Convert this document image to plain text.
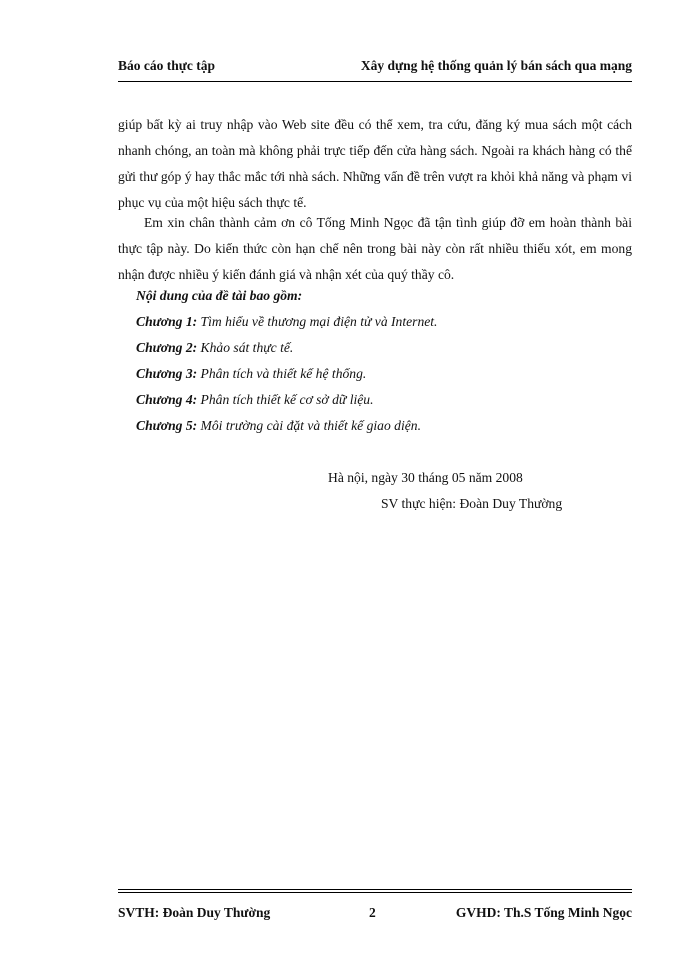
Báo cáo thực tập	Xây dựng hệ thống quản lý bán sách qua mạng

giúp bất kỳ ai truy nhập vào Web site đều có thể xem, tra cứu, đăng ký mua sách một cách nhanh chóng, an toàn mà không phải trực tiếp đến cửa hàng sách. Ngoài ra khách hàng có thể gửi thư góp ý hay thắc mắc tới nhà sách. Những vấn đề trên vượt ra khỏi khả năng và phạm vi phục vụ của một hiệu sách thực tế.

Em xin chân thành cảm ơn cô Tống Minh Ngọc đã tận tình giúp đỡ em hoàn thành bài thực tập này. Do kiến thức còn hạn chế nên trong bài này còn rất nhiều thiếu xót, em mong nhận được nhiều ý kiến đánh giá và nhận xét của quý thầy cô.

Nội dung của đề tài bao gồm:
Chương 1: Tìm hiểu về thương mại điện tử và Internet.
Chương 2: Khảo sát thực tế.
Chương 3: Phân tích và thiết kế hệ thống.
Chương 4: Phân tích thiết kế cơ sở dữ liệu.
Chương 5: Môi trường cài đặt và thiết kế giao diện.
Hà nội, ngày 30 tháng 05 năm 2008
SV thực hiện: Đoàn Duy Thường
SVTH: Đoàn Duy Thường	2	GVHD: Th.S Tống Minh Ngọc
